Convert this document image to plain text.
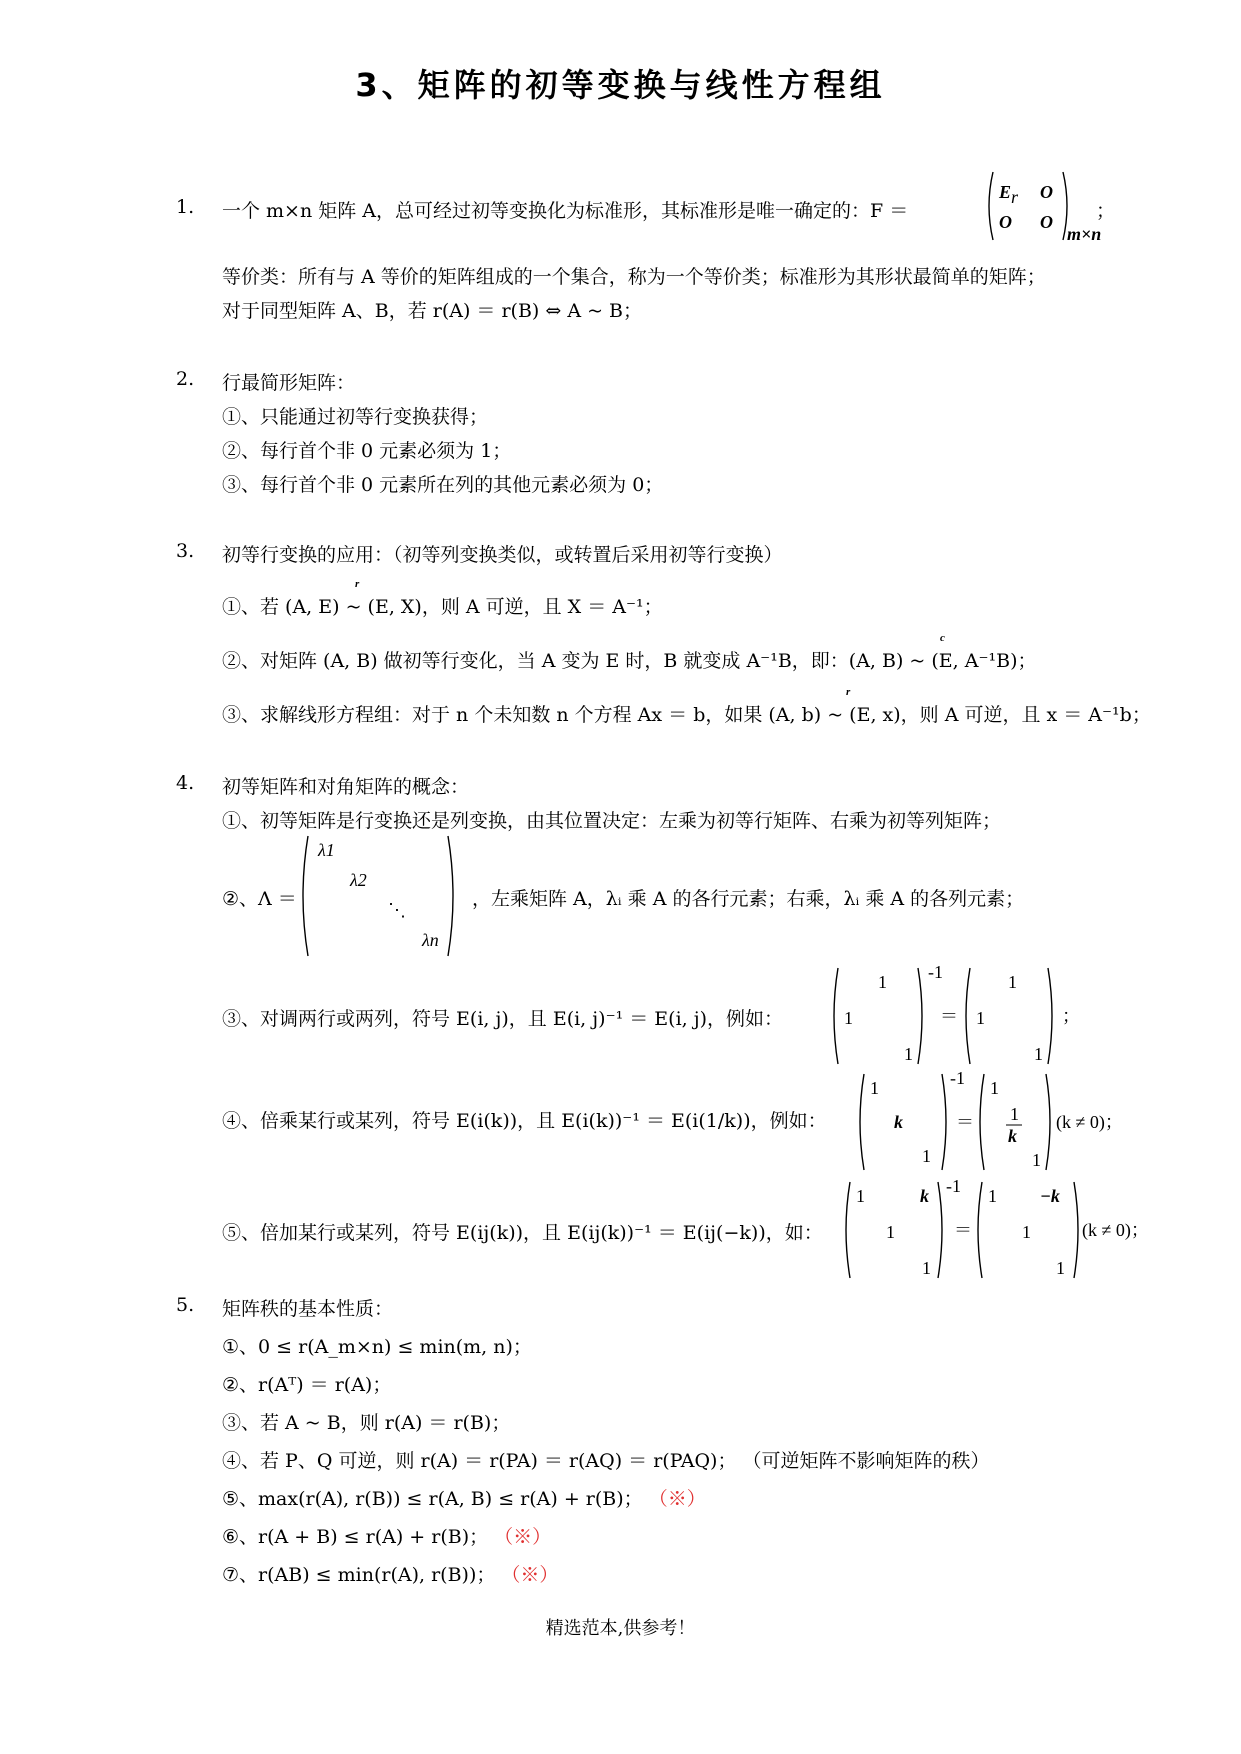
3、矩阵的初等变换与线性方程组
1. 一个 m×n 矩阵 A，总可经过初等变换化为标准形，其标准形是唯一确定的：F ＝
E r O
O O
m×n
；
等价类：所有与 A 等价的矩阵组成的一个集合，称为一个等价类；标准形为其形状最简单的矩阵；
对于同型矩阵 A、B，若 r(A) ＝ r(B) ⇔ A ~ B；
2. 行最简形矩阵：
①、只能通过初等行变换获得；
②、每行首个非 0 元素必须为 1；
③、每行首个非 0 元素所在列的其他元素必须为 0；
3. 初等行变换的应用：（初等列变换类似，或转置后采用初等行变换）
①、若 (A, E) ~ (E, X)，则 A 可逆，且 X ＝ A⁻¹；
r
②、对矩阵 (A, B) 做初等行变化，当 A 变为 E 时，B 就变成 A⁻¹B，即：(A, B) ~ (E, A⁻¹B)；
c
③、求解线形方程组：对于 n 个未知数 n 个方程 Ax ＝ b，如果 (A, b) ~ (E, x)，则 A 可逆，且 x ＝ A⁻¹b；
r
4. 初等矩阵和对角矩阵的概念：
①、初等矩阵是行变换还是列变换，由其位置决定：左乘为初等行矩阵、右乘为初等列矩阵；
②、Λ ＝
λ1
λ2
⋱
λn
，左乘矩阵 A，λᵢ 乘 A 的各行元素；右乘，λᵢ 乘 A 的各列元素；
③、对调两行或两列，符号 E(i, j)，且 E(i, j)⁻¹ ＝ E(i, j)，例如：
-1
1
1
1
＝
1
1
1
；
④、倍乘某行或某列，符号 E(i(k))，且 E(i(k))⁻¹ ＝ E(i(1/k))，例如：
-1
1
k
1
＝
1
1
k
1
(k ≠ 0)；
⑤、倍加某行或某列，符号 E(ij(k))，且 E(ij(k))⁻¹ ＝ E(ij(−k))，如：
-1
1	k
1
1
＝
1 −k
1
1
(k ≠ 0)；
5. 矩阵秩的基本性质：
①、0 ≤ r(A_m×n) ≤ min(m, n)；
②、r(Aᵀ) ＝ r(A)；
③、若 A ~ B，则 r(A) ＝ r(B)；
④、若 P、Q 可逆，则 r(A) ＝ r(PA) ＝ r(AQ) ＝ r(PAQ)； （可逆矩阵不影响矩阵的秩）
⑤、max(r(A), r(B)) ≤ r(A, B) ≤ r(A) + r(B)； （※）
⑥、r(A + B) ≤ r(A) + r(B)； （※）
⑦、r(AB) ≤ min(r(A), r(B))； （※）
精选范本,供参考！
